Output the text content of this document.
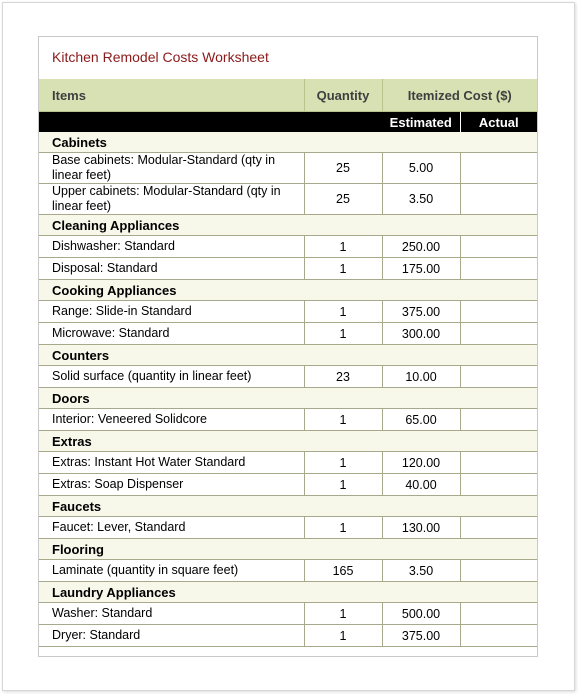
Kitchen Remodel Costs Worksheet
Items	Quantity	Itemized Cost ($)	
		Estimated	Actual
Cabinets			
Base cabinets: Modular-Standard (qty in linear feet)	25	5.00	
Upper cabinets: Modular-Standard (qty in linear feet)	25	3.50	
Cleaning Appliances			
Dishwasher: Standard	1	250.00	
Disposal: Standard	1	175.00	
Cooking Appliances			
Range: Slide-in Standard	1	375.00	
Microwave: Standard	1	300.00	
Counters			
Solid surface (quantity in linear feet)	23	10.00	
Doors			
Interior: Veneered Solidcore	1	65.00	
Extras			
Extras: Instant Hot Water Standard	1	120.00	
Extras: Soap Dispenser	1	40.00	
Faucets			
Faucet: Lever, Standard	1	130.00	
Flooring			
Laminate (quantity in square feet)	165	3.50	
Laundry Appliances			
Washer: Standard	1	500.00	
Dryer: Standard	1	375.00	
